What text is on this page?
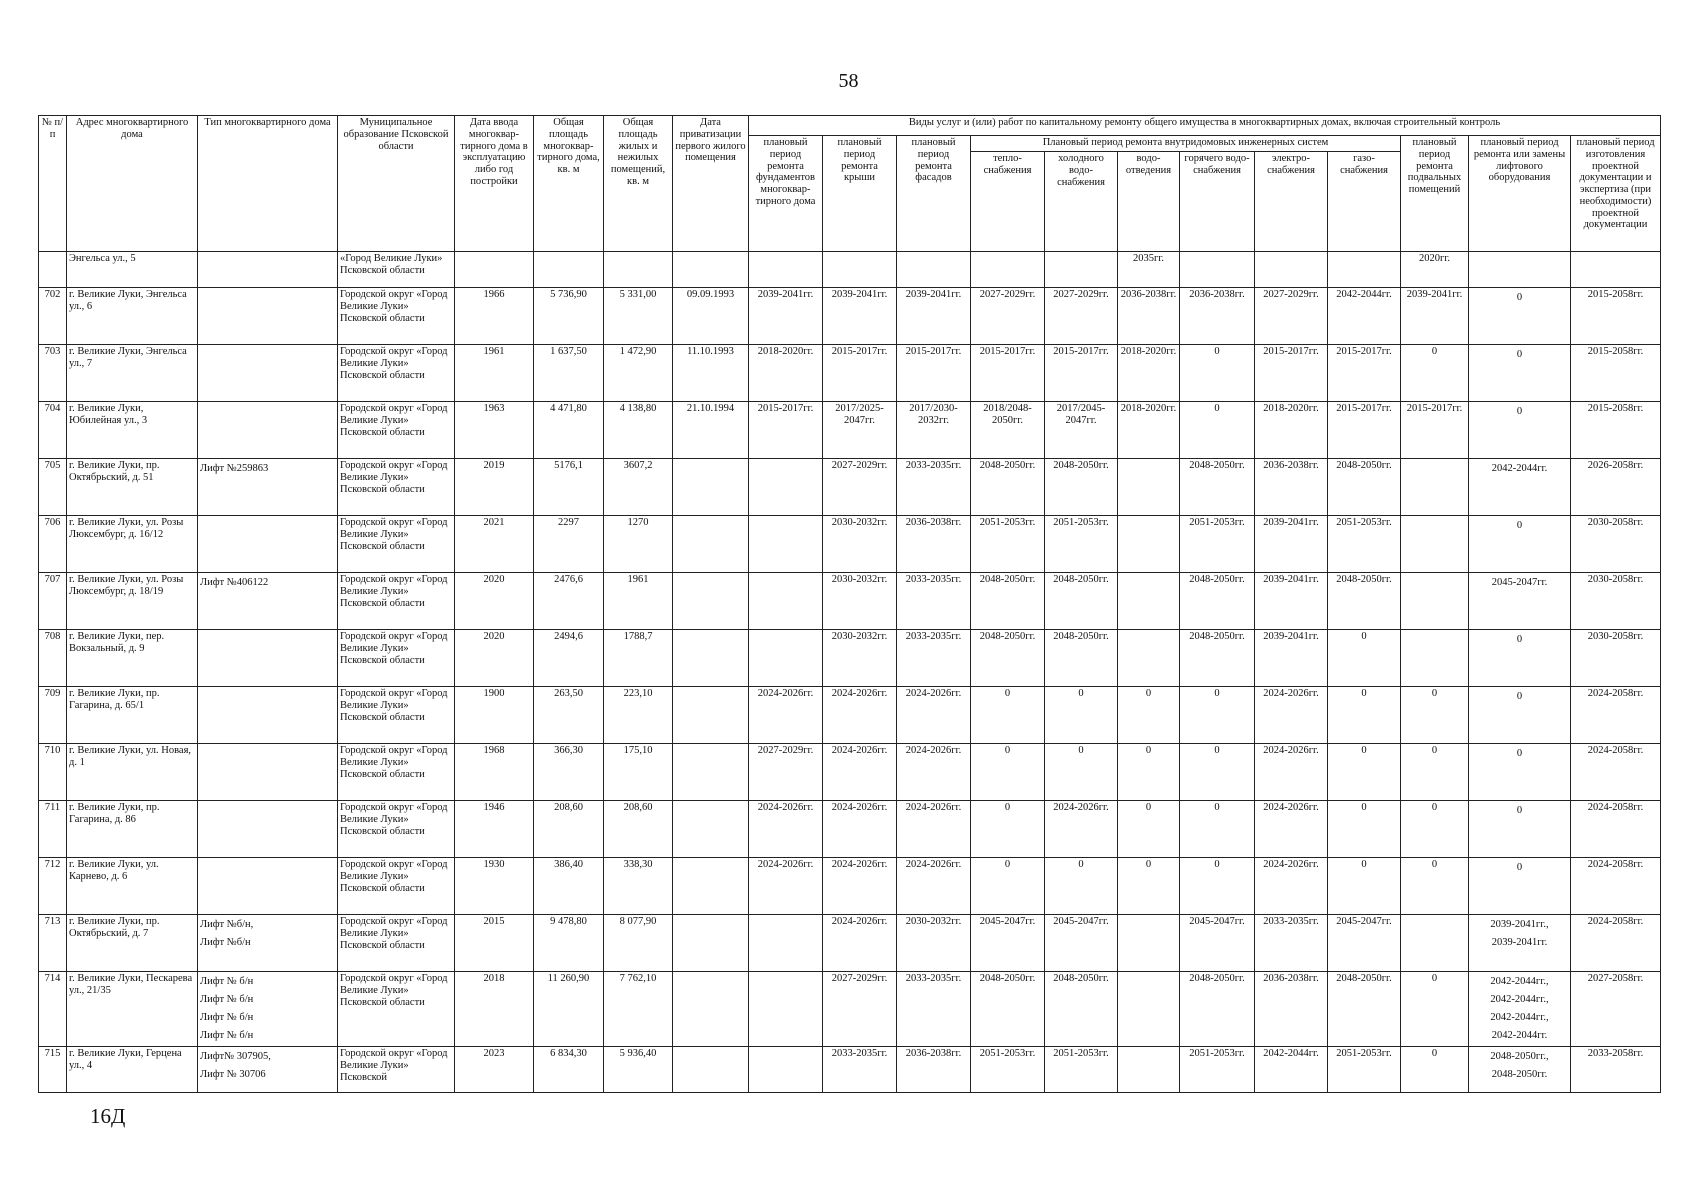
58
№ п/п	Адрес многоквартирного дома	Тип многоквартирного дома	Муниципальное образование Псковской области	Дата ввода многоквар- тирного дома в эксплуатацию либо год постройки	Общая площадь многоквар- тирного дома, кв. м	Общая площадь жилых и нежилых помещений, кв. м	Дата приватизации первого жилого помещения	Виды услуг и (или) работ по капитальному ремонту общего имущества в многоквартирных домах, включая строительный контроль											
								плановый период ремонта фундаментов многоквар- тирного дома	плановый период ремонта крыши	плановый период ремонта фасадов	Плановый период ремонта внутридомовых инженерных систем						плановый период ремонта подвальных помещений	плановый период ремонта или замены лифтового оборудования	плановый период изготовления проектной документации и экспертиза (при необходимости) проектной документации
											тепло- снабжения	холодного водо- снабжения	водо- отведения	горячего водо- снабжения	электро- снабжения	газо- снабжения			
	Энгельса ул., 5		«Город Великие Луки» Псковской области										2035гг.				2020гг.		
702	г. Великие Луки, Энгельса ул., 6		Городской округ «Город Великие Луки» Псковской области	1966	5 736,90	5 331,00	09.09.1993	2039-2041гг.	2039-2041гг.	2039-2041гг.	2027-2029гг.	2027-2029гг.	2036-2038гг.	2036-2038гг.	2027-2029гг.	2042-2044гг.	2039-2041гг.	0	2015-2058гг.
703	г. Великие Луки, Энгельса ул., 7		Городской округ «Город Великие Луки» Псковской области	1961	1 637,50	1 472,90	11.10.1993	2018-2020гг.	2015-2017гг.	2015-2017гг.	2015-2017гг.	2015-2017гг.	2018-2020гг.	0	2015-2017гг.	2015-2017гг.	0	0	2015-2058гг.
704	г. Великие Луки, Юбилейная ул., 3		Городской округ «Город Великие Луки» Псковской области	1963	4 471,80	4 138,80	21.10.1994	2015-2017гг.	2017/2025-2047гг.	2017/2030-2032гг.	2018/2048-2050гг.	2017/2045-2047гг.	2018-2020гг.	0	2018-2020гг.	2015-2017гг.	2015-2017гг.	0	2015-2058гг.
705	г. Великие Луки, пр. Октябрьский, д. 51	Лифт №259863	Городской округ «Город Великие Луки» Псковской области	2019	5176,1	3607,2			2027-2029гг.	2033-2035гг.	2048-2050гг.	2048-2050гг.		2048-2050гг.	2036-2038гг.	2048-2050гг.		2042-2044гг.	2026-2058гг.
706	г. Великие Луки, ул. Розы Люксембург, д. 16/12		Городской округ «Город Великие Луки» Псковской области	2021	2297	1270			2030-2032гг.	2036-2038гг.	2051-2053гг.	2051-2053гг.		2051-2053гг.	2039-2041гг.	2051-2053гг.		0	2030-2058гг.
707	г. Великие Луки, ул. Розы Люксембург, д. 18/19	Лифт №406122	Городской округ «Город Великие Луки» Псковской области	2020	2476,6	1961			2030-2032гг.	2033-2035гг.	2048-2050гг.	2048-2050гг.		2048-2050гг.	2039-2041гг.	2048-2050гг.		2045-2047гг.	2030-2058гг.
708	г. Великие Луки, пер. Вокзальный, д. 9		Городской округ «Город Великие Луки» Псковской области	2020	2494,6	1788,7			2030-2032гг.	2033-2035гг.	2048-2050гг.	2048-2050гг.		2048-2050гг.	2039-2041гг.	0		0	2030-2058гг.
709	г. Великие Луки, пр. Гагарина, д. 65/1		Городской округ «Город Великие Луки» Псковской области	1900	263,50	223,10		2024-2026гг.	2024-2026гг.	2024-2026гг.	0	0	0	0	2024-2026гг.	0	0	0	2024-2058гг.
710	г. Великие Луки, ул. Новая, д. 1		Городской округ «Город Великие Луки» Псковской области	1968	366,30	175,10		2027-2029гг.	2024-2026гг.	2024-2026гг.	0	0	0	0	2024-2026гг.	0	0	0	2024-2058гг.
711	г. Великие Луки, пр. Гагарина, д. 86		Городской округ «Город Великие Луки» Псковской области	1946	208,60	208,60		2024-2026гг.	2024-2026гг.	2024-2026гг.	0	2024-2026гг.	0	0	2024-2026гг.	0	0	0	2024-2058гг.
712	г. Великие Луки, ул. Карнево, д. 6		Городской округ «Город Великие Луки» Псковской области	1930	386,40	338,30		2024-2026гг.	2024-2026гг.	2024-2026гг.	0	0	0	0	2024-2026гг.	0	0	0	2024-2058гг.
713	г. Великие Луки, пр. Октябрьский, д. 7	Лифт №б/н,
Лифт №б/н	Городской округ «Город Великие Луки» Псковской области	2015	9 478,80	8 077,90			2024-2026гг.	2030-2032гг.	2045-2047гг.	2045-2047гг.		2045-2047гг.	2033-2035гг.	2045-2047гг.		2039-2041гг.,
2039-2041гг.	2024-2058гг.
714	г. Великие Луки, Пескарева ул., 21/35	Лифт № б/н
Лифт № б/н
Лифт № б/н
Лифт № б/н	Городской округ «Город Великие Луки» Псковской области	2018	11 260,90	7 762,10			2027-2029гг.	2033-2035гг.	2048-2050гг.	2048-2050гг.		2048-2050гг.	2036-2038гг.	2048-2050гг.	0	2042-2044гг.,
2042-2044гг.,
2042-2044гг.,
2042-2044гг.	2027-2058гг.
715	г. Великие Луки, Герцена ул., 4	Лифт№ 307905,
Лифт № 30706	Городской округ «Город Великие Луки» Псковской	2023	6 834,30	5 936,40			2033-2035гг.	2036-2038гг.	2051-2053гг.	2051-2053гг.		2051-2053гг.	2042-2044гг.	2051-2053гг.	0	2048-2050гг.,
2048-2050гг.	2033-2058гг.
16Д
